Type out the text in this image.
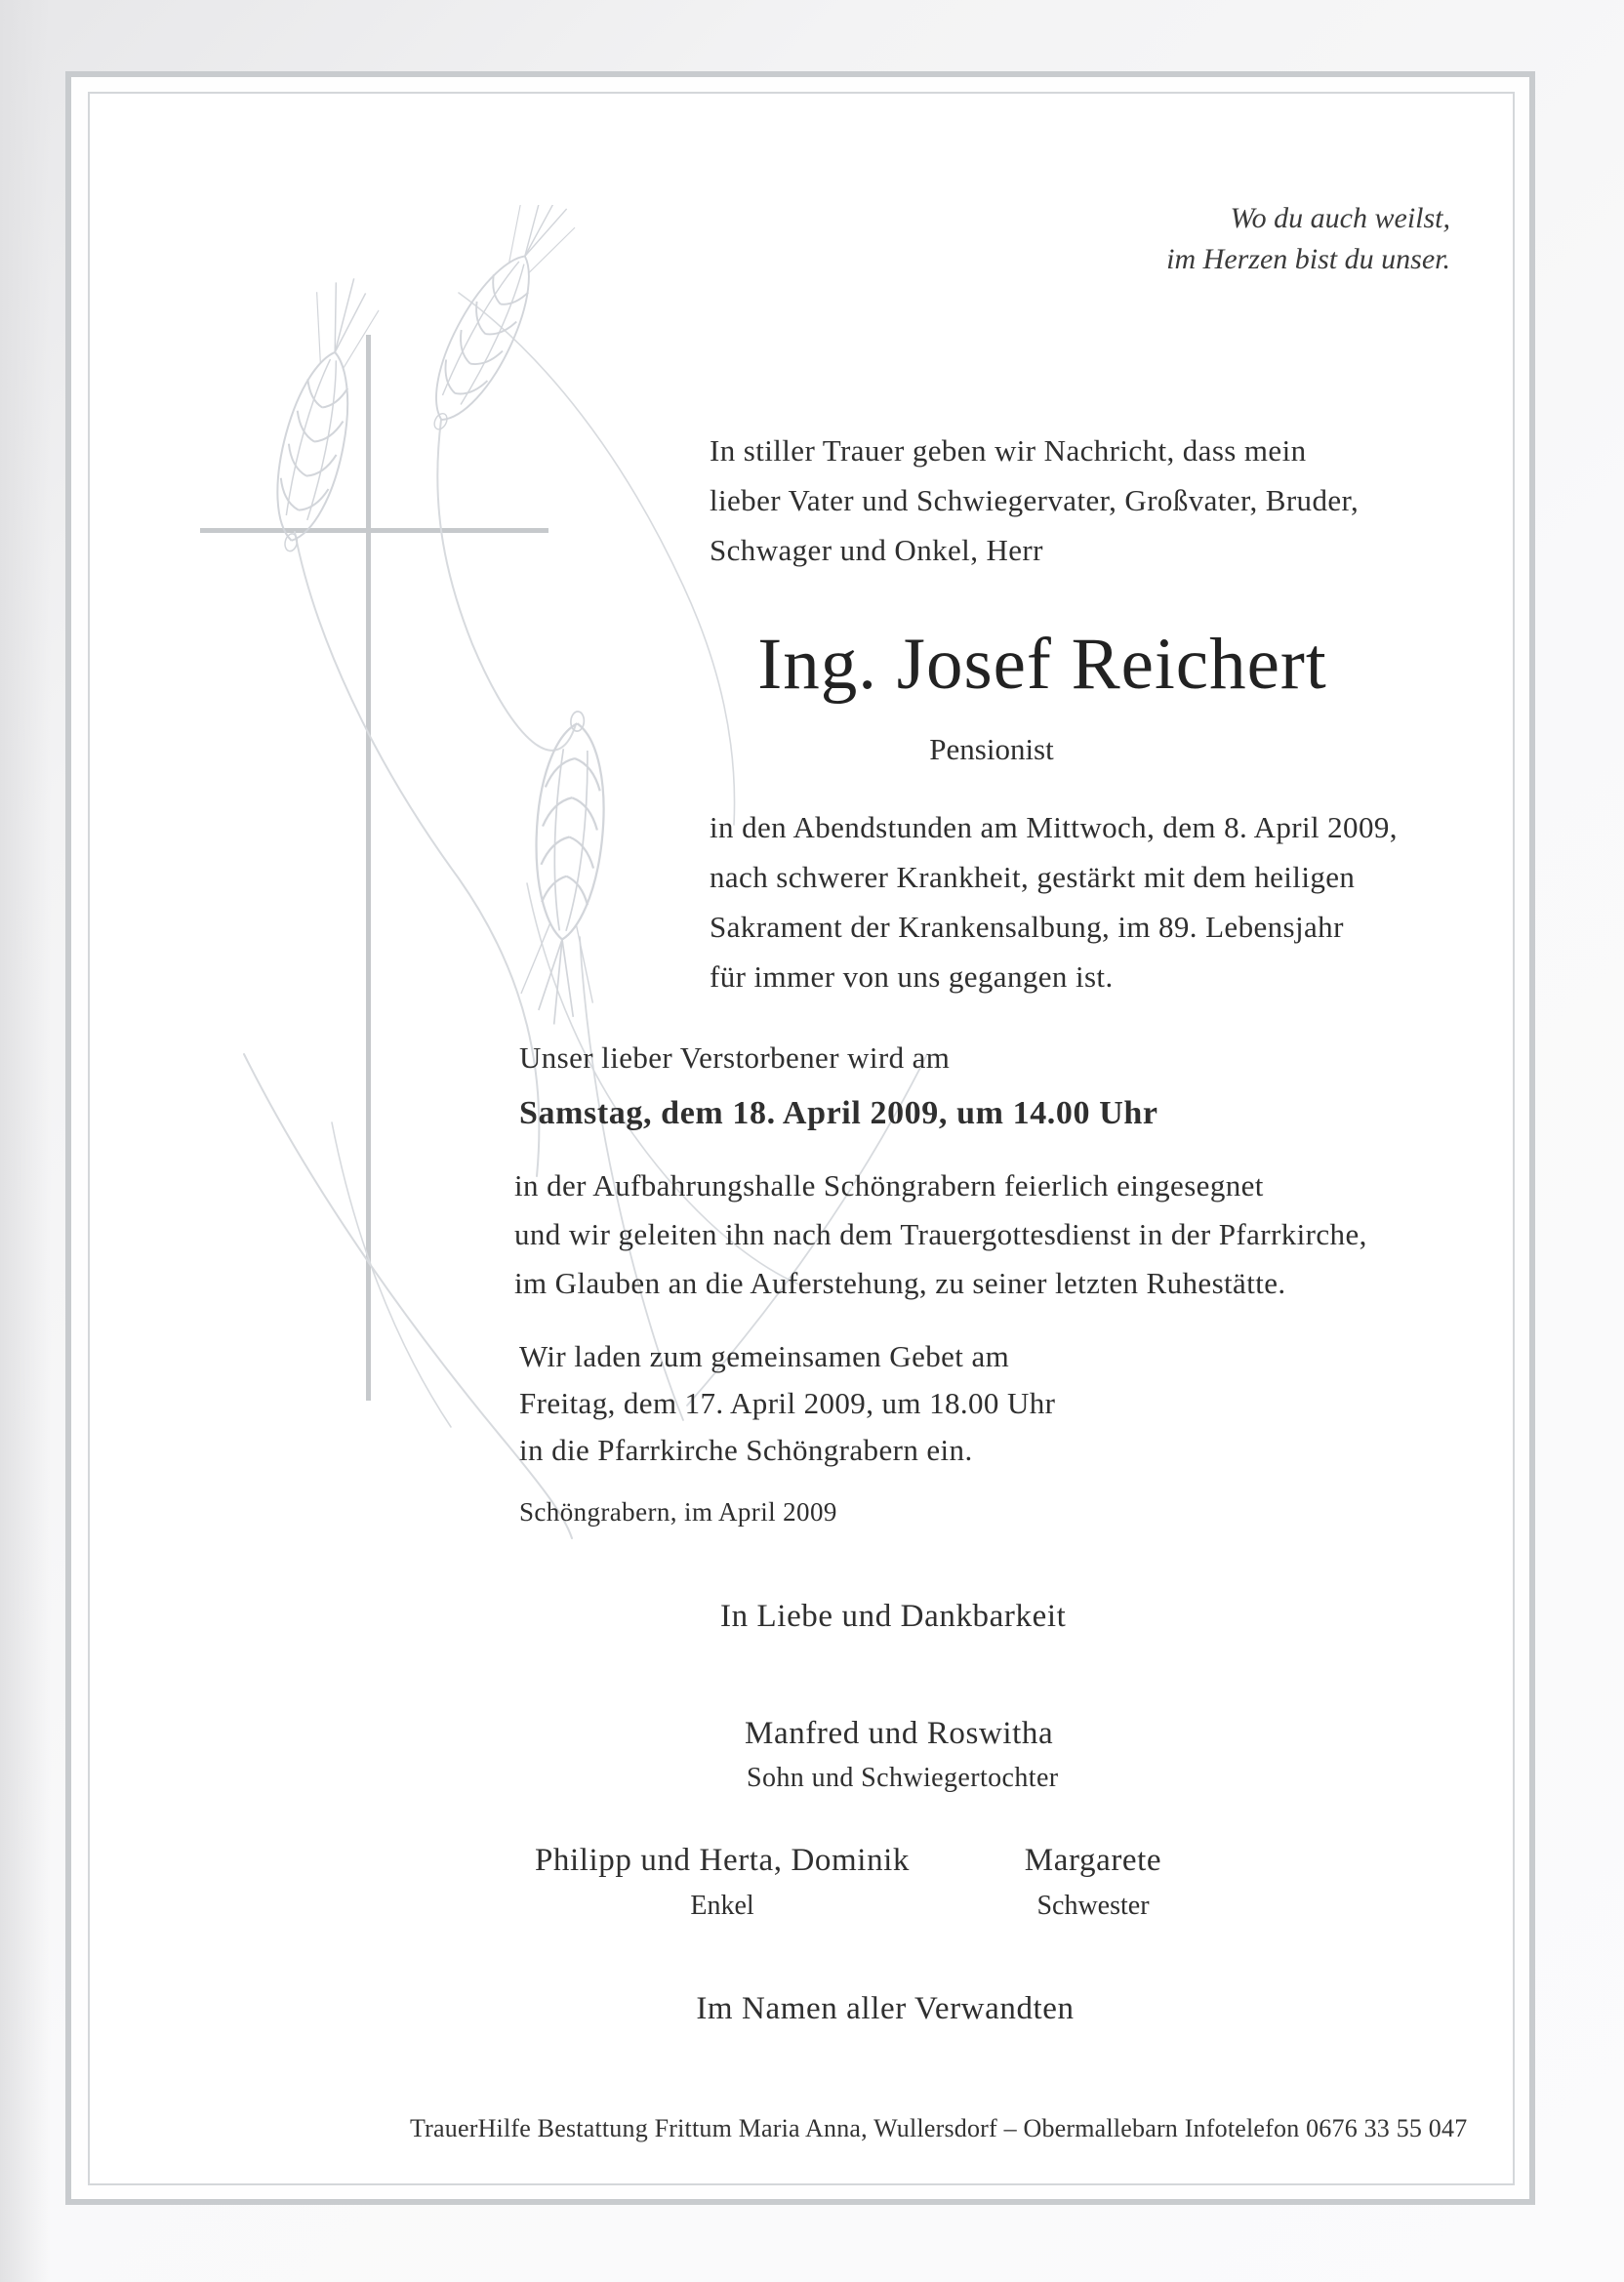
Wo du auch weilst,
im Herzen bist du unser.
In stiller Trauer geben wir Nachricht, dass mein
lieber Vater und Schwiegervater, Großvater, Bruder,
Schwager und Onkel, Herr
Ing. Josef Reichert
Pensionist
in den Abendstunden am Mittwoch, dem 8. April 2009,
nach schwerer Krankheit, gestärkt mit dem heiligen
Sakrament der Krankensalbung, im 89. Lebensjahr
für immer von uns gegangen ist.
Unser lieber Verstorbener wird am
Samstag, dem 18. April 2009, um 14.00 Uhr
in der Aufbahrungshalle Schöngrabern feierlich eingesegnet
und wir geleiten ihn nach dem Trauergottesdienst in der Pfarrkirche,
im Glauben an die Auferstehung, zu seiner letzten Ruhestätte.
Wir laden zum gemeinsamen Gebet am
Freitag, dem 17. April 2009, um 18.00 Uhr
in die Pfarrkirche Schöngrabern ein.
Schöngrabern, im April 2009
In Liebe und Dankbarkeit
Manfred und Roswitha
Sohn und Schwiegertochter
Philipp und Herta, Dominik
Enkel
Margarete
Schwester
Im Namen aller Verwandten
TrauerHilfe Bestattung Frittum Maria Anna, Wullersdorf – Obermallebarn Infotelefon 0676 33 55 047
